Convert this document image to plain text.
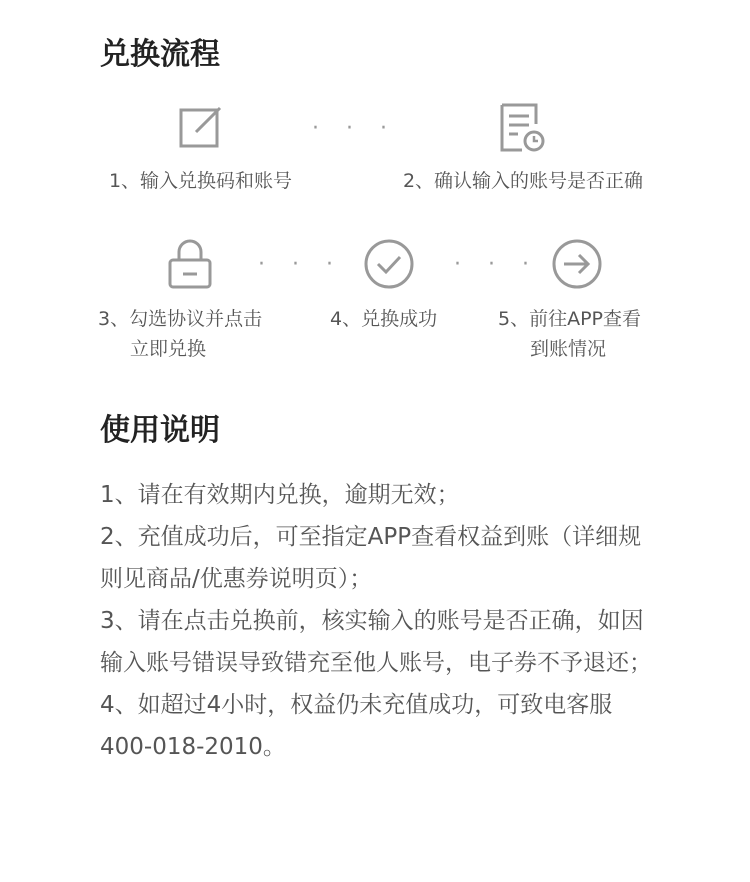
兑换流程
1、输入兑换码和账号
· · ·
2、确认输入的账号是否正确
3、勾选协议并点击
立即兑换
· · ·
4、兑换成功
· · ·
5、前往APP查看
到账情况
使用说明

1、请在有效期内兑换，逾期无效；

2、充值成功后，可至指定APP查看权益到账（详细规则见商品/优惠券说明页）；

3、请在点击兑换前，核实输入的账号是否正确，如因输入账号错误导致错充至他人账号，电子券不予退还；

4、如超过4小时，权益仍未充值成功，可致电客服400-018-2010。
